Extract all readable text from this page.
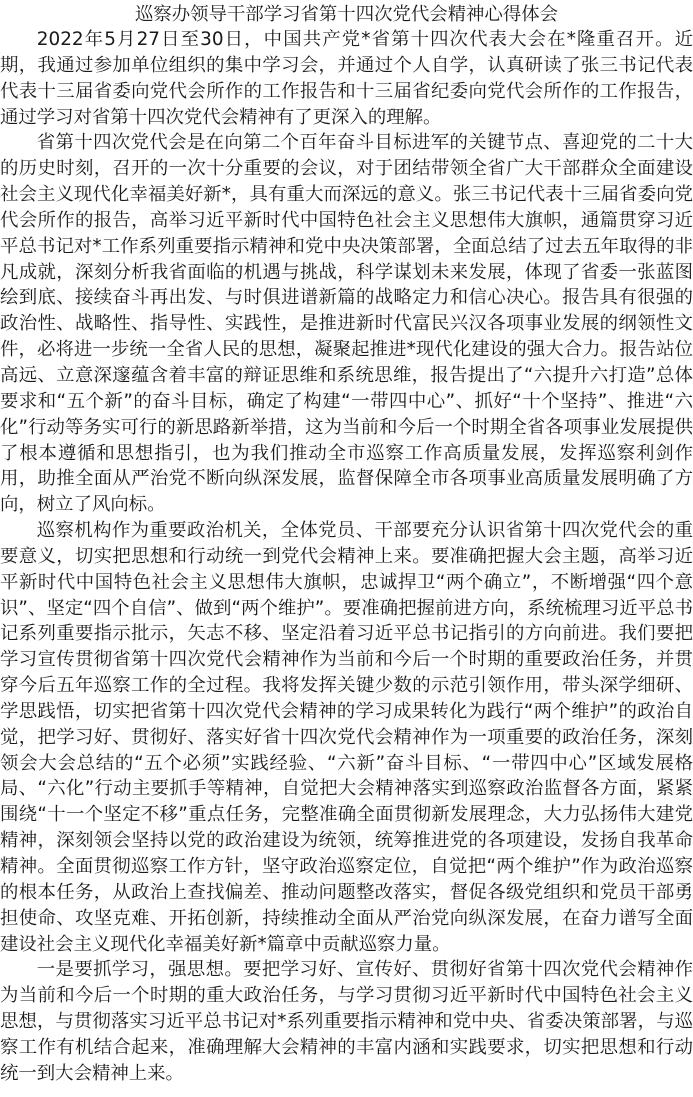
巡察办领导干部学习省第十四次党代会精神心得体会

2022年5月27日至30日，中国共产党*省第十四次代表大会在*隆重召开。近期，我通过参加单位组织的集中学习会，并通过个人自学，认真研读了张三书记代表代表十三届省委向党代会所作的工作报告和十三届省纪委向党代会所作的工作报告，通过学习对省第十四次党代会精神有了更深入的理解。

省第十四次党代会是在向第二个百年奋斗目标进军的关键节点、喜迎党的二十大的历史时刻，召开的一次十分重要的会议，对于团结带领全省广大干部群众全面建设社会主义现代化幸福美好新*，具有重大而深远的意义。张三书记代表十三届省委向党代会所作的报告，高举习近平新时代中国特色社会主义思想伟大旗帜，通篇贯穿习近平总书记对*工作系列重要指示精神和党中央决策部署，全面总结了过去五年取得的非凡成就，深刻分析我省面临的机遇与挑战，科学谋划未来发展，体现了省委一张蓝图绘到底、接续奋斗再出发、与时俱进谱新篇的战略定力和信心决心。报告具有很强的政治性、战略性、指导性、实践性，是推进新时代富民兴汉各项事业发展的纲领性文件，必将进一步统一全省人民的思想，凝聚起推进*现代化建设的强大合力。报告站位高远、立意深邃蕴含着丰富的辩证思维和系统思维，报告提出了“六提升六打造”总体要求和“五个新”的奋斗目标，确定了构建“一带四中心”、抓好“十个坚持”、推进“六化”行动等务实可行的新思路新举措，这为当前和今后一个时期全省各项事业发展提供了根本遵循和思想指引，也为我们推动全市巡察工作高质量发展，发挥巡察利剑作用，助推全面从严治党不断向纵深发展，监督保障全市各项事业高质量发展明确了方向，树立了风向标。

巡察机构作为重要政治机关，全体党员、干部要充分认识省第十四次党代会的重要意义，切实把思想和行动统一到党代会精神上来。要准确把握大会主题，高举习近平新时代中国特色社会主义思想伟大旗帜，忠诚捍卫“两个确立”，不断增强“四个意识”、坚定“四个自信”、做到“两个维护”。要准确把握前进方向，系统梳理习近平总书记系列重要指示批示，矢志不移、坚定沿着习近平总书记指引的方向前进。我们要把学习宣传贯彻省第十四次党代会精神作为当前和今后一个时期的重要政治任务，并贯穿今后五年巡察工作的全过程。我将发挥关键少数的示范引领作用，带头深学细研、学思践悟，切实把省第十四次党代会精神的学习成果转化为践行“两个维护”的政治自觉，把学习好、贯彻好、落实好省十四次党代会精神作为一项重要的政治任务，深刻领会大会总结的“五个必须”实践经验、“六新”奋斗目标、“一带四中心”区域发展格局、“六化”行动主要抓手等精神，自觉把大会精神落实到巡察政治监督各方面，紧紧围绕“十一个坚定不移”重点任务，完整准确全面贯彻新发展理念，大力弘扬伟大建党精神，深刻领会坚持以党的政治建设为统领，统筹推进党的各项建设，发扬自我革命精神。全面贯彻巡察工作方针，坚守政治巡察定位，自觉把“两个维护”作为政治巡察的根本任务，从政治上查找偏差、推动问题整改落实，督促各级党组织和党员干部勇担使命、攻坚克难、开拓创新，持续推动全面从严治党向纵深发展，在奋力谱写全面建设社会主义现代化幸福美好新*篇章中贡献巡察力量。

一是要抓学习，强思想。要把学习好、宣传好、贯彻好省第十四次党代会精神作为当前和今后一个时期的重大政治任务，与学习贯彻习近平新时代中国特色社会主义思想，与贯彻落实习近平总书记对*系列重要指示精神和党中央、省委决策部署，与巡察工作有机结合起来，准确理解大会精神的丰富内涵和实践要求，切实把思想和行动统一到大会精神上来。
